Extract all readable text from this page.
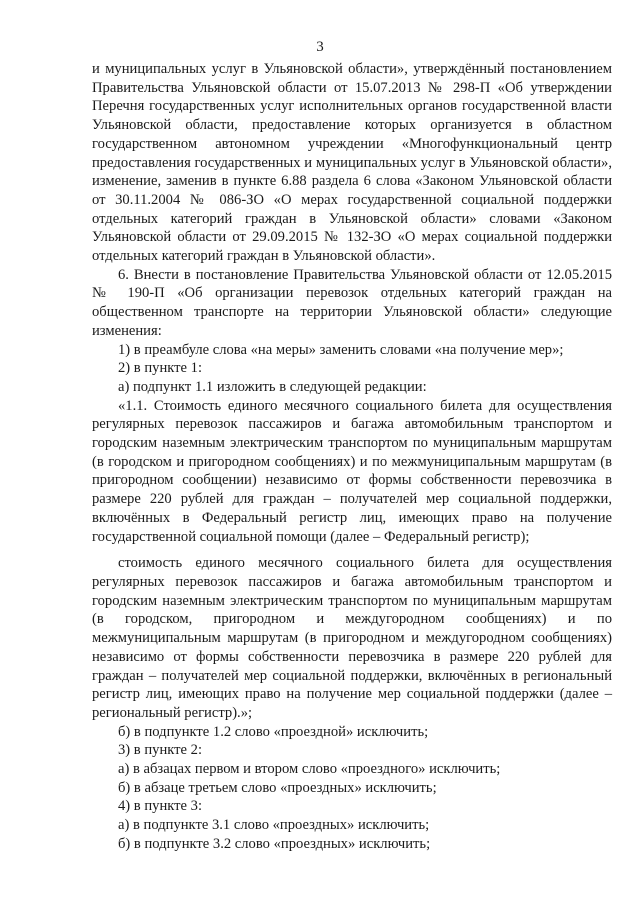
3

и муниципальных услуг в Ульяновской области», утверждённый постановлением Правительства Ульяновской области от 15.07.2013 № 298-П «Об утверждении Перечня государственных услуг исполнительных органов государственной власти Ульяновской области, предоставление которых организуется в областном государственном автономном учреждении «Многофункциональный центр предоставления государственных и муниципальных услуг в Ульяновской области», изменение, заменив в пункте 6.88 раздела 6 слова «Законом Ульяновской области от 30.11.2004 № 086-ЗО «О мерах государственной социальной поддержки отдельных категорий граждан в Ульяновской области» словами «Законом Ульяновской области от 29.09.2015 № 132-ЗО «О мерах социальной поддержки отдельных категорий граждан в Ульяновской области».

6. Внести в постановление Правительства Ульяновской области от 12.05.2015 № 190-П «Об организации перевозок отдельных категорий граждан на общественном транспорте на территории Ульяновской области» следующие изменения:

1) в преамбуле слова «на меры» заменить словами «на получение мер»;

2) в пункте 1:

а) подпункт 1.1 изложить в следующей редакции:

«1.1. Стоимость единого месячного социального билета для осуществления регулярных перевозок пассажиров и багажа автомобильным транспортом и городским наземным электрическим транспортом по муниципальным маршрутам (в городском и пригородном сообщениях) и по межмуниципальным маршрутам (в пригородном сообщении) независимо от формы собственности перевозчика в размере 220 рублей для граждан – получателей мер социальной поддержки, включённых в Федеральный регистр лиц, имеющих право на получение государственной социальной помощи (далее – Федеральный регистр);

стоимость единого месячного социального билета для осуществления регулярных перевозок пассажиров и багажа автомобильным транспортом и городским наземным электрическим транспортом по муниципальным маршрутам (в городском, пригородном и междугородном сообщениях) и по межмуниципальным маршрутам (в пригородном и междугородном сообщениях) независимо от формы собственности перевозчика в размере 220 рублей для граждан – получателей мер социальной поддержки, включённых в региональный регистр лиц, имеющих право на получение мер социальной поддержки (далее – региональный регистр).»;

б) в подпункте 1.2 слово «проездной» исключить;

3) в пункте 2:

а) в абзацах первом и втором слово «проездного» исключить;

б) в абзаце третьем слово «проездных» исключить;

4) в пункте 3:

а) в подпункте 3.1 слово «проездных» исключить;

б) в подпункте 3.2 слово «проездных» исключить;
